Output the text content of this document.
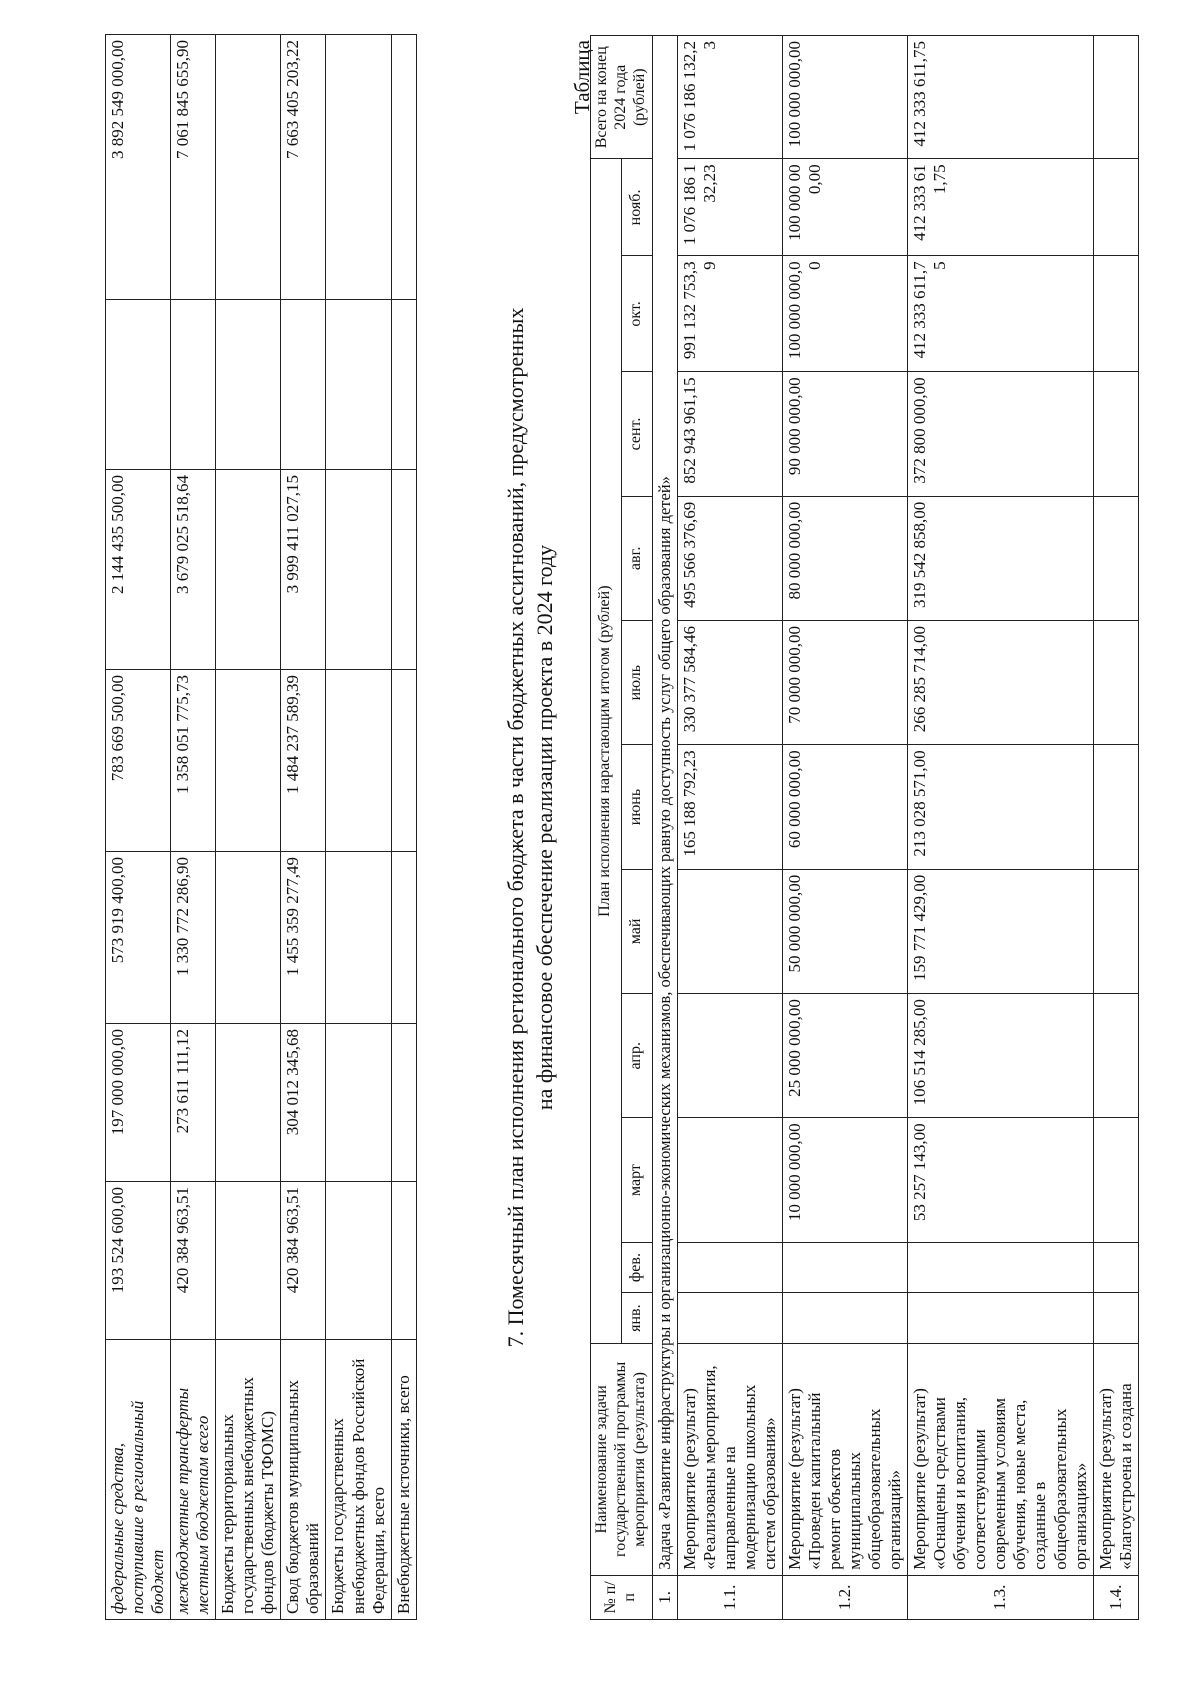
федеральные средства, поступившие в региональный бюджет	193 524 600,00	197 000 000,00	573 919 400,00	783 669 500,00	2 144 435 500,00		3 892 549 000,00
межбюджетные трансферты местным бюджетам всего	420 384 963,51	273 611 111,12	1 330 772 286,90	1 358 051 775,73	3 679 025 518,64		7 061 845 655,90
Бюджеты территориальных государственных внебюджетных фондов (бюджеты ТФОМС)							
Свод бюджетов муниципальных образований	420 384 963,51	304 012 345,68	1 455 359 277,49	1 484 237 589,39	3 999 411 027,15		7 663 405 203,22
Бюджеты государственных внебюджетных фондов Российской Федерации, всего							
Внебюджетные источники, всего							
7. Помесячный план исполнения регионального бюджета в части бюджетных ассигнований, предусмотренных на финансовое обеспечение реализации проекта в 2024 году
Таблица
№ п/п	Наименование задачи государственной программы мероприятия (результата)	План исполнения нарастающим итогом (рублей)											Всего на конец 2024 года (рублей)
		янв.	фев.	март	апр.	май	июнь	июль	авг.	сент.	окт.	нояб.	
1.	Задача «Развитие инфраструктуры и организационно-экономических механизмов, обеспечивающих равную доступность услуг общего образования детей»												
1.1.	Мероприятие (результат) «Реализованы мероприятия, направленные на модернизацию школьных систем образования»						165 188 792,23	330 377 584,46	495 566 376,69	852 943 961,15	991 132 753,39	1 076 186 132,23	1 076 186 132,23
1.2.	Мероприятие (результат) «Проведен капитальный ремонт объектов муниципальных общеобразовательных организаций»			10 000 000,00	25 000 000,00	50 000 000,00	60 000 000,00	70 000 000,00	80 000 000,00	90 000 000,00	100 000 000,00	100 000 000,00	100 000 000,00
1.3.	Мероприятие (результат) «Оснащены средствами обучения и воспитания, соответствующими современным условиям обучения, новые места, созданные в общеобразовательных организациях»			53 257 143,00	106 514 285,00	159 771 429,00	213 028 571,00	266 285 714,00	319 542 858,00	372 800 000,00	412 333 611,75	412 333 611,75	412 333 611,75
1.4.	Мероприятие (результат) «Благоустроена и создана												
